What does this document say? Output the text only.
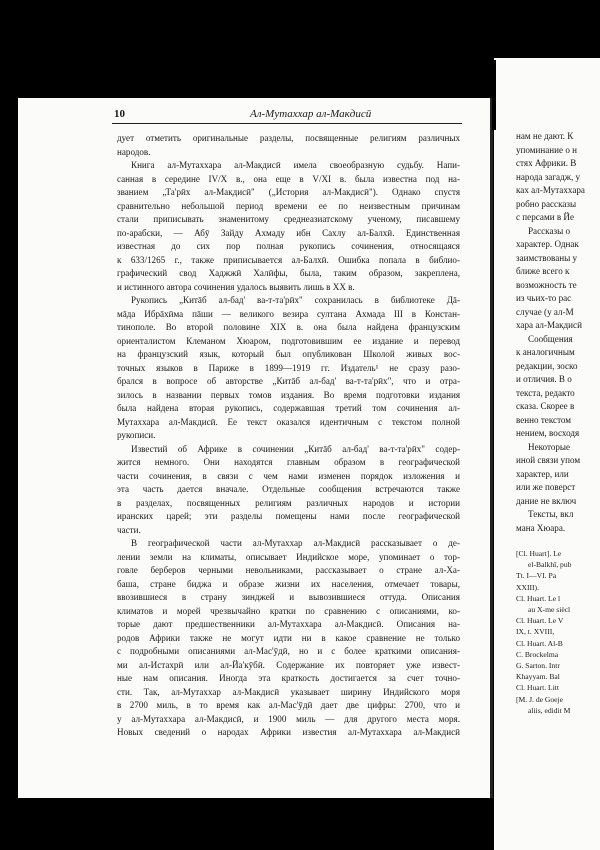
10	Ал-Мутаххар ал-Макдисӣ
дует отметить оригинальные разделы, посвященные религиям различных
народов.
Книга ал-Мутаххара ал-Макдисӣ имела своеобразную судьбу. Напи-
санная в середине IV/X в., она еще в V/XI в. была известна под на-
званием „Та'рӣх ал-Макдисӣ" („История ал-Макдисӣ"). Однако спустя
сравнительно небольшой период времени ее по неизвестным причинам
стали приписывать знаменитому среднеазиатскому ученому, писавшему
по-арабски, — Абӯ Зайду Ахмаду ибн Сахлу ал-Балхӣ. Единственная
известная до сих пор полная рукопись сочинения, относящаяся
к 633/1265 г., также приписывается ал-Балхӣ. Ошибка попала в библио-
графический свод Хаджжӣ Халӣфы, была, таким образом, закреплена,
и истинного автора сочинения удалось выявить лишь в XX в.
Рукопись „Китāб ал-бад' ва-т-та'рӣх" сохранилась в библиотеке Дā-
мāда Ибрāхӣма пāши — великого везира султана Ахмада III в Констан-
тинополе. Во второй половине XIX в. она была найдена французским
ориенталистом Клеманом Хюаром, подготовившим ее издание и перевод
на французский язык, который был опубликован Школой живых вос-
точных языков в Париже в 1899—1919 гг. Издатель¹ не сразу разо-
брался в вопросе об авторстве „Китāб ал-бад' ва-т-та'рӣх", что и отра-
зилось в названии первых томов издания. Во время подготовки издания
была найдена вторая рукопись, содержавшая третий том сочинения ал-
Мутаххара ал-Макдисӣ. Ее текст оказался идентичным с текстом полной
рукописи.
Известий об Африке в сочинении „Китāб ал-бад' ва-т-та'рӣх" содер-
жится немного. Они находятся главным образом в географической
части сочинения, в связи с чем нами изменен порядок изложения и
эта часть дается вначале. Отдельные сообщения встречаются также
в разделах, посвященных религиям различных народов и истории
иранских царей; эти разделы помещены нами после географической
части.
В географической части ал-Мутаххар ал-Макдисӣ рассказывает о де-
лении земли на климаты, описывает Индийское море, упоминает о тор-
говле берберов черными невольниками, рассказывает о стране ал-Ха-
баша, стране биджа и образе жизни их населения, отмечает товары,
ввозившиеся в страну зинджей и вывозившиеся оттуда. Описания
климатов и морей чрезвычайно кратки по сравнению с описаниями, ко-
торые дают предшественники ал-Мутаххара ал-Макдисӣ. Описания на-
родов Африки также не могут идти ни в какое сравнение не только
с подробными описаниями ал-Мас'ӯдӣ, но и с более краткими описания-
ми ал-Истахрӣ или ал-Йа'кӯбӣ. Содержание их повторяет уже извест-
ные нам описания. Иногда эта краткость достигается за счет точно-
сти. Так, ал-Мутаххар ал-Макдисӣ указывает ширину Индийского моря
в 2700 миль, в то время как ал-Мас'ӯдӣ дает две цифры: 2700, что и
у ал-Мутаххара ал-Макдисӣ, и 1900 миль — для другого места моря.
Новых сведений о народах Африки известия ал-Мутаххара ал-Макдисӣ
нам не дают. К
упоминание о н
стях Африки. В
народа загадж, у
ках ал-Мутаххара
робно рассказы
с персами в Йе
Рассказы о
характер. Однак
заимствованы у
ближе всего к
возможность те
из чьих-то рас
случае (у ал-М
хара ал-Макдисӣ
Сообщения
к аналогичным
редакции, зоско
и отличия. В о
текста, редакто
сказа. Скорее в
венно текстом
нением, восходя
Некоторые
иной связи упом
характер, или
или же поверст
дание не включ
Тексты, вкл
мана Хюара.
[Cl. Huart]. Le
el-Balkhî, pub
Tt. I—VI. Pa
XXIII).
Cl. Huart. Le l
au X-me siècl
Cl. Huart. Le V
IX, t. XVIII,
Cl. Huart. Al-B
C. Brockelma
G. Sarton. Intr
Khayyam. Bal
Cl. Huart. Litt
[M. J. de Goeje
aliis, edidit M
